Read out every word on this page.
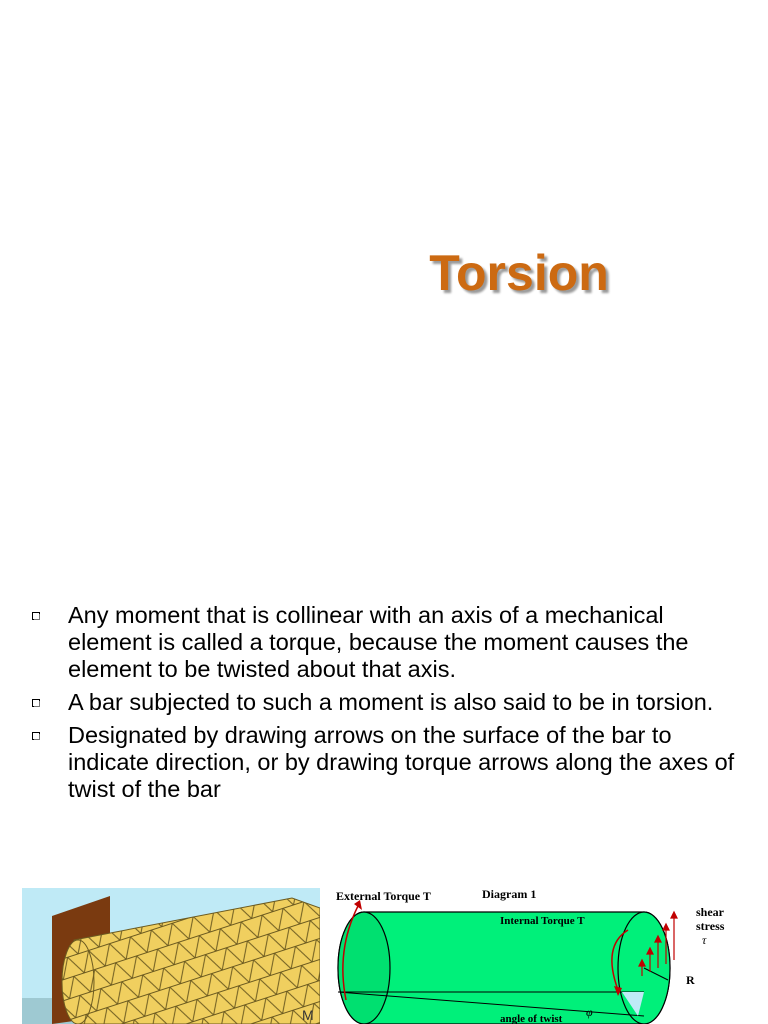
Torsion
Any moment that is collinear with an axis of a mechanical element is called a torque, because the moment causes the element to be twisted about that axis.
A bar subjected to such a moment is also said to be in torsion.
Designated by drawing arrows on the surface of the bar to indicate direction, or by drawing torque arrows along the axes of twist of the bar
M
External Torque T	Diagram 1
Internal Torque T
shear
stress
τ
R
angle of twist φ
